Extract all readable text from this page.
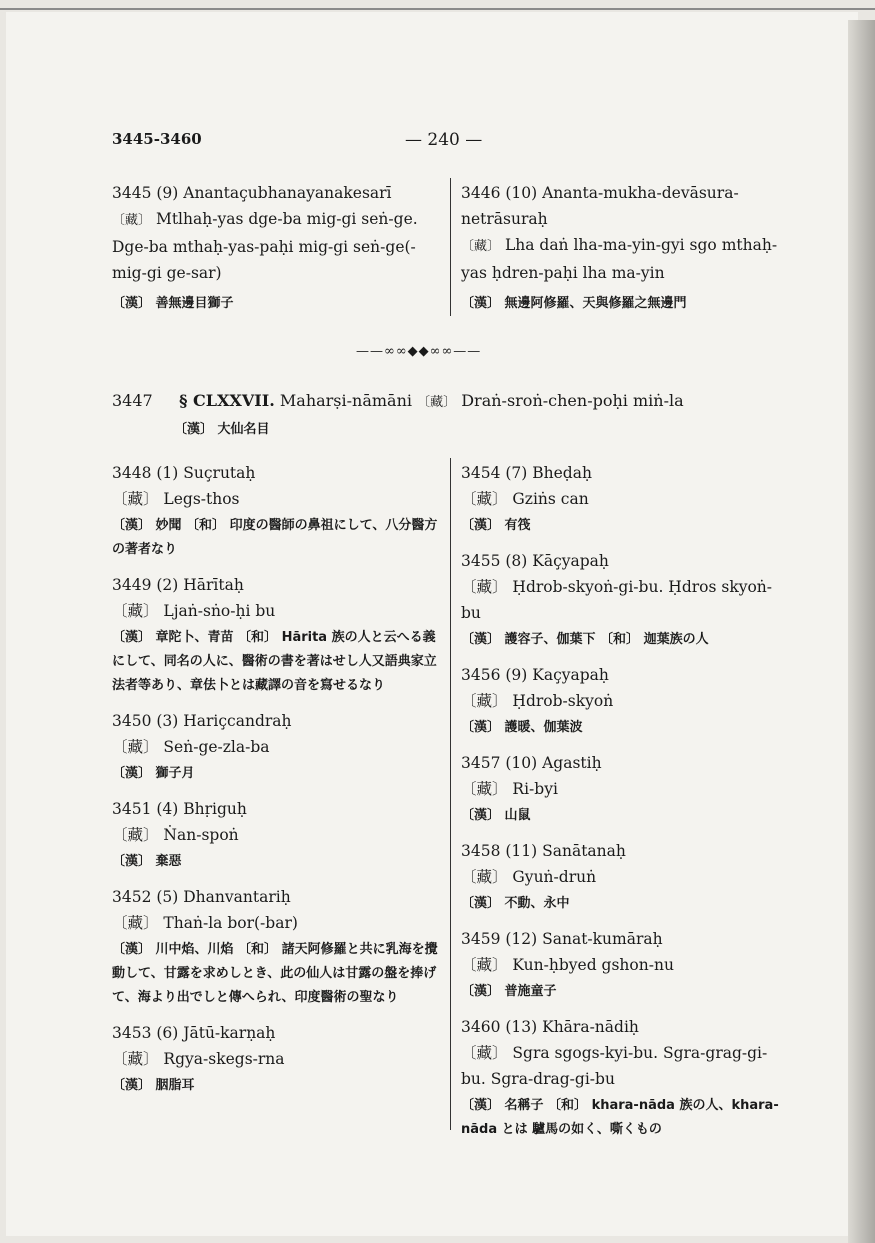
3445-3460	— 240 —
3445 (9) Anantaçubhanayanakesarī
〔藏〕 Mtlhaḥ-yas dge-ba mig-gi seṅ-ge. Dge-ba mthaḥ-yas-paḥi mig-gi seṅ-ge(-mig-gi ge-sar)
〔漢〕 善無邊目獅子
3446 (10) Ananta-mukha-devāsura-netrāsuraḥ
〔藏〕 Lha daṅ lha-ma-yin-gyi sgo mthaḥ-yas ḥdren-paḥi lha ma-yin
〔漢〕 無邊阿修羅、天與修羅之無邊門
——∞∞◆◆∞∞——
3447 § CLXXVII. Maharṣi-nāmāni 〔藏〕 Draṅ-sroṅ-chen-poḥi miṅ-la
〔漢〕 大仙名目
3448 (1) Suçrutaḥ
〔藏〕 Legs-thos
〔漢〕 妙聞 〔和〕 印度の醫師の鼻祖にして、八分醫方の著者なり
3449 (2) Hārītaḥ
〔藏〕 Ljaṅ-sṅo-ḥi bu
〔漢〕 章陀卜、青苗 〔和〕 Hārita 族の人と云へる義にして、同名の人に、醫術の書を著はせし人又語典家立法者等あり、章佉卜とは藏譯の音を寫せるなり
3450 (3) Hariçcandraḥ
〔藏〕 Seṅ-ge-zla-ba
〔漢〕 獅子月
3451 (4) Bhṛiguḥ
〔藏〕 Ṅan-spoṅ
〔漢〕 棄惡
3452 (5) Dhanvantariḥ
〔藏〕 Thaṅ-la bor(-bar)
〔漢〕 川中焰、川焰 〔和〕 諸天阿修羅と共に乳海を攪動して、甘露を求めしとき、此の仙人は甘露の盤を捧げて、海より出でしと傳へられ、印度醫術の聖なり
3453 (6) Jātū-karṇaḥ
〔藏〕 Rgya-skegs-rna
〔漢〕 胭脂耳
3454 (7) Bheḍaḥ
〔藏〕 Gziṅs can
〔漢〕 有筏
3455 (8) Kāçyapaḥ
〔藏〕 Ḥdrob-skyoṅ-gi-bu. Ḥdros skyoṅ-bu
〔漢〕 護容子、伽葉下 〔和〕 迦葉族の人
3456 (9) Kaçyapaḥ
〔藏〕 Ḥdrob-skyoṅ
〔漢〕 護暖、伽葉波
3457 (10) Agastiḥ
〔藏〕 Ri-byi
〔漢〕 山鼠
3458 (11) Sanātanaḥ
〔藏〕 Gyuṅ-druṅ
〔漢〕 不動、永中
3459 (12) Sanat-kumāraḥ
〔藏〕 Kun-ḥbyed gshon-nu
〔漢〕 普施童子
3460 (13) Khāra-nādiḥ
〔藏〕 Sgra sgogs-kyi-bu. Sgra-grag-gi-bu. Sgra-drag-gi-bu
〔漢〕 名稱子 〔和〕 khara-nāda 族の人、khara-nāda とは 驢馬の如く、嘶くもの
